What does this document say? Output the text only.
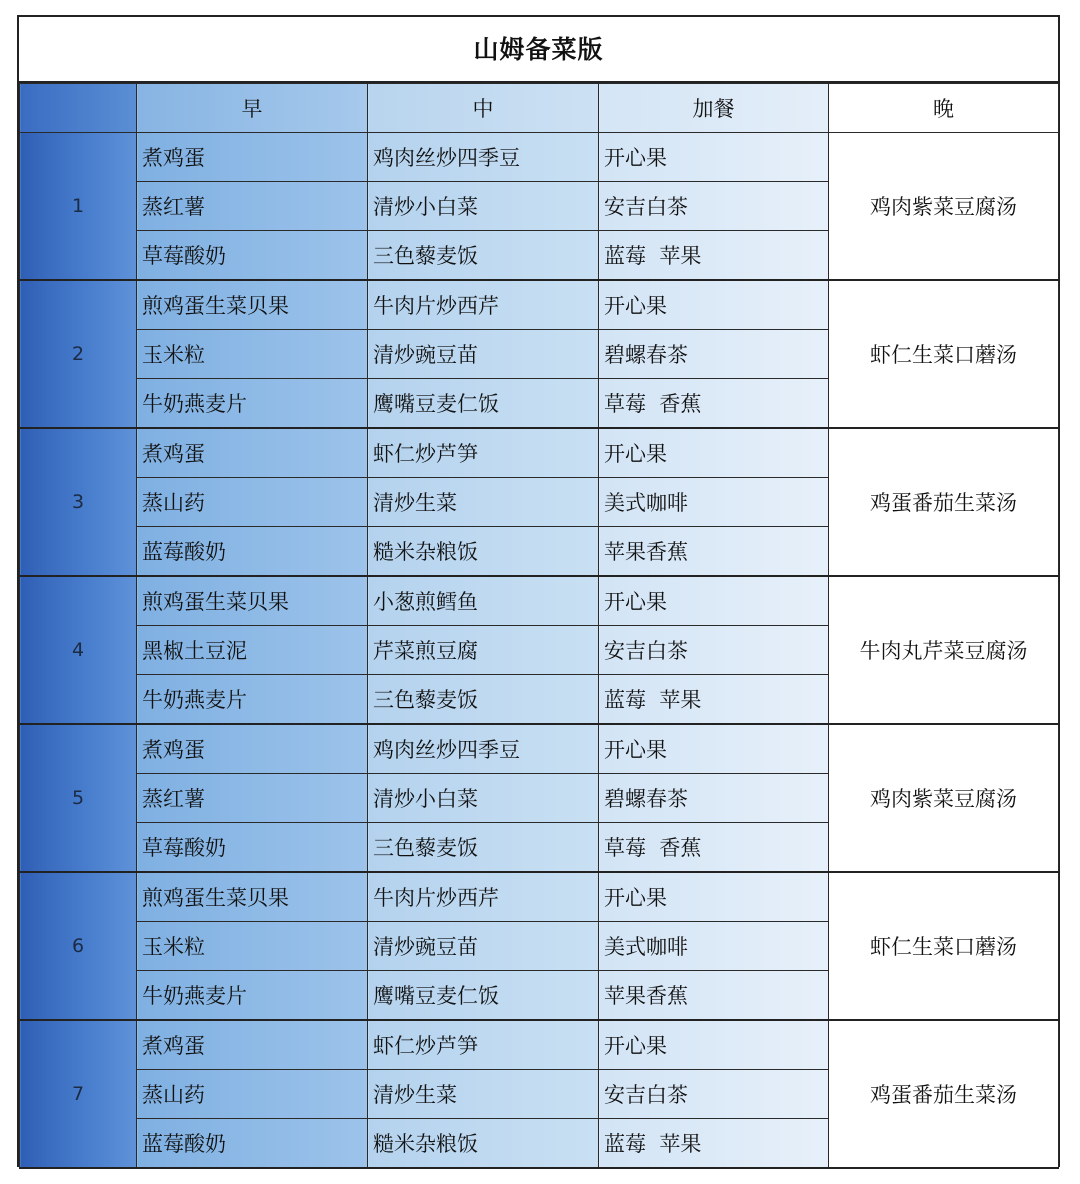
山姆备菜版
	早	中	加餐	晚
1	煮鸡蛋	鸡肉丝炒四季豆	开心果	鸡肉紫菜豆腐汤
	蒸红薯	清炒小白菜	安吉白茶	
	草莓酸奶	三色藜麦饭	蓝莓  苹果	
2	煎鸡蛋生菜贝果	牛肉片炒西芹	开心果	虾仁生菜口蘑汤
	玉米粒	清炒豌豆苗	碧螺春茶	
	牛奶燕麦片	鹰嘴豆麦仁饭	草莓  香蕉	
3	煮鸡蛋	虾仁炒芦笋	开心果	鸡蛋番茄生菜汤
	蒸山药	清炒生菜	美式咖啡	
	蓝莓酸奶	糙米杂粮饭	苹果香蕉	
4	煎鸡蛋生菜贝果	小葱煎鳕鱼	开心果	牛肉丸芹菜豆腐汤
	黑椒土豆泥	芹菜煎豆腐	安吉白茶	
	牛奶燕麦片	三色藜麦饭	蓝莓  苹果	
5	煮鸡蛋	鸡肉丝炒四季豆	开心果	鸡肉紫菜豆腐汤
	蒸红薯	清炒小白菜	碧螺春茶	
	草莓酸奶	三色藜麦饭	草莓  香蕉	
6	煎鸡蛋生菜贝果	牛肉片炒西芹	开心果	虾仁生菜口蘑汤
	玉米粒	清炒豌豆苗	美式咖啡	
	牛奶燕麦片	鹰嘴豆麦仁饭	苹果香蕉	
7	煮鸡蛋	虾仁炒芦笋	开心果	鸡蛋番茄生菜汤
	蒸山药	清炒生菜	安吉白茶	
	蓝莓酸奶	糙米杂粮饭	蓝莓  苹果	
